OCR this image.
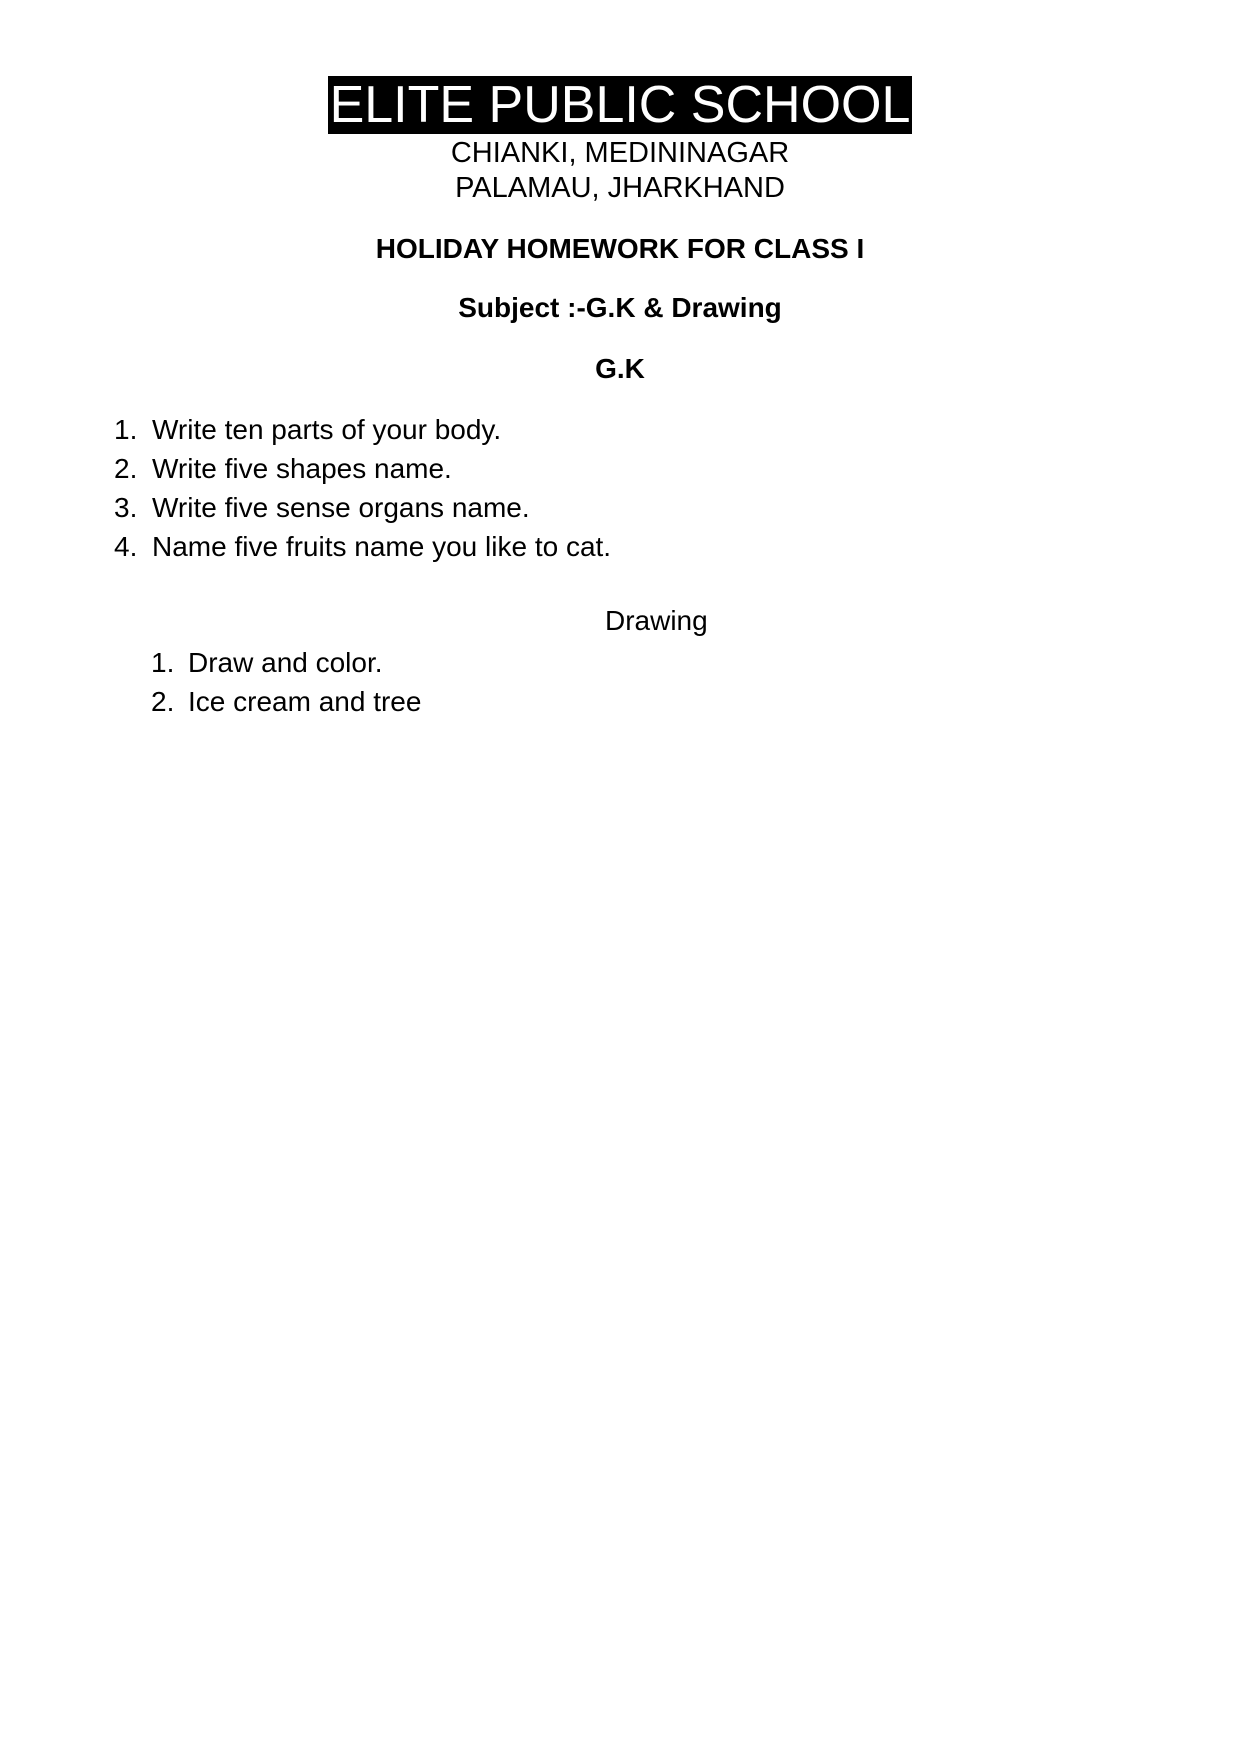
ELITE PUBLIC SCHOOL
CHIANKI, MEDININAGAR
PALAMAU, JHARKHAND
HOLIDAY HOMEWORK FOR CLASS I
Subject :-G.K & Drawing
G.K
1. Write ten parts of your body.
2. Write five shapes name.
3. Write five sense organs name.
4. Name five fruits name you like to cat.
Drawing
1. Draw and color.
2. Ice cream and tree
